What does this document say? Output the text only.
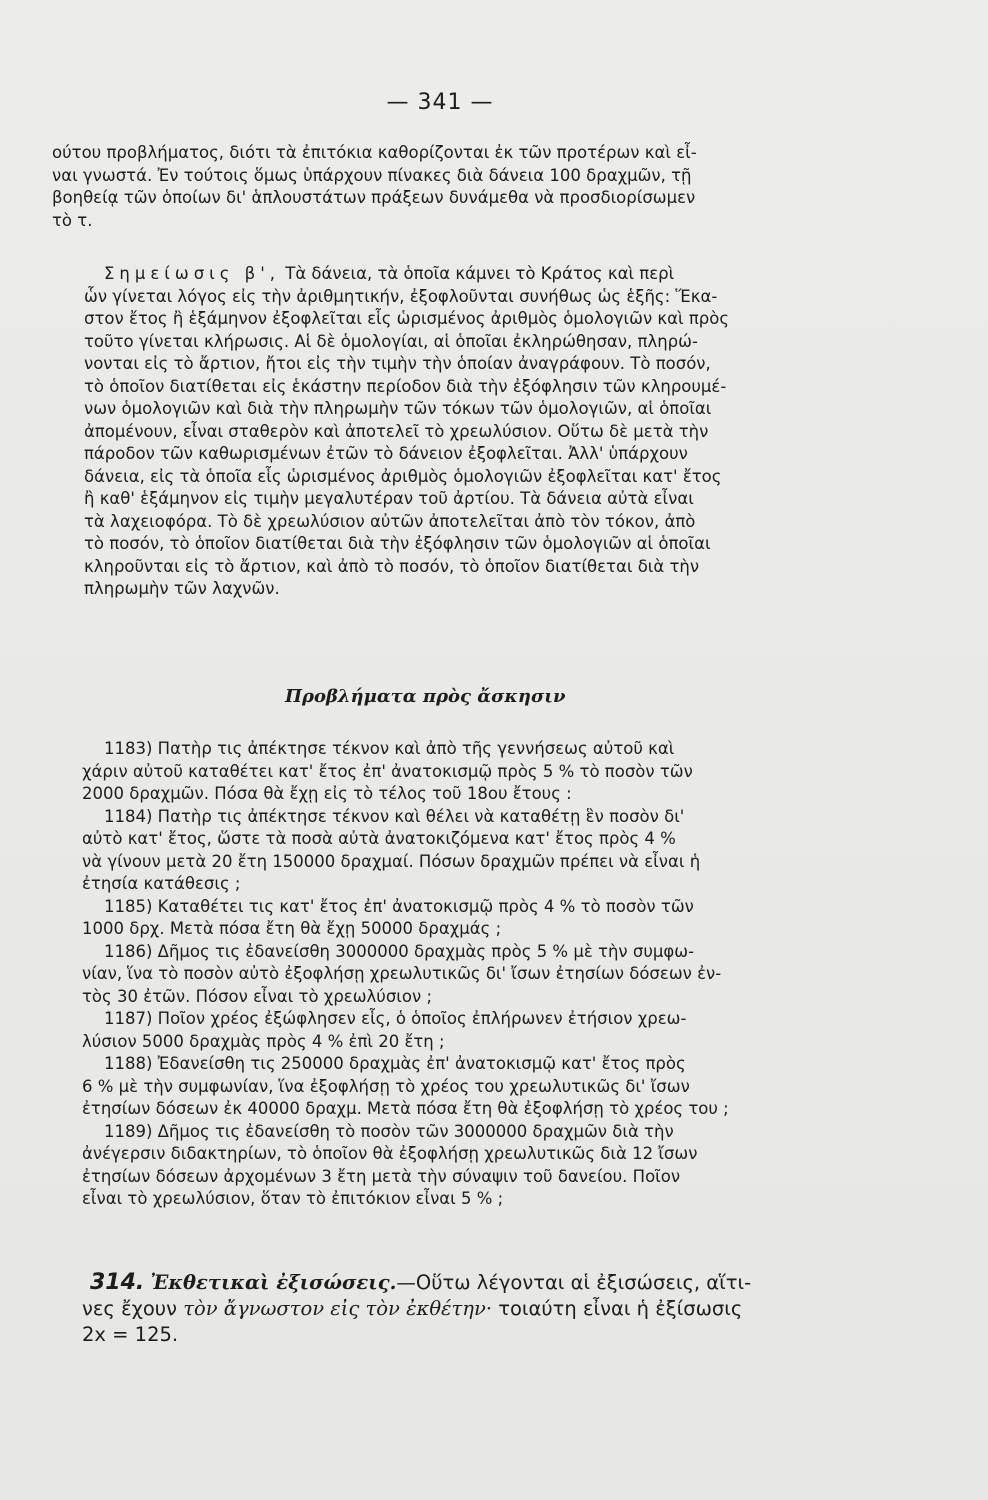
— 341 —
ούτου προβλήματος, διότι τὰ ἐπιτόκια καθορίζονται ἐκ τῶν προτέρων καὶ εἶ-
ναι γνωστά. Ἐν τούτοις ὅμως ὑπάρχουν πίνακες διὰ δάνεια 100 δραχμῶν, τῇ
βοηθείᾳ τῶν ὁποίων δι' ἁπλουστάτων πράξεων δυνάμεθα νὰ προσδιορίσωμεν
τὸ τ.
Σημείωσις β', Τὰ δάνεια, τὰ ὁποῖα κάμνει τὸ Κράτος καὶ περὶ
ὧν γίνεται λόγος εἰς τὴν ἀριθμητικήν, ἐξοφλοῦνται συνήθως ὡς ἑξῆς: Ἕκα-
στον ἔτος ἢ ἑξάμηνον ἐξοφλεῖται εἷς ὡρισμένος ἀριθμὸς ὁμολογιῶν καὶ πρὸς
τοῦτο γίνεται κλήρωσις. Αἱ δὲ ὁμολογίαι, αἱ ὁποῖαι ἐκληρώθησαν, πληρώ-
νονται εἰς τὸ ἄρτιον, ἤτοι εἰς τὴν τιμὴν τὴν ὁποίαν ἀναγράφουν. Τὸ ποσόν,
τὸ ὁποῖον διατίθεται εἰς ἑκάστην περίοδον διὰ τὴν ἐξόφλησιν τῶν κληρουμέ-
νων ὁμολογιῶν καὶ διὰ τὴν πληρωμὴν τῶν τόκων τῶν ὁμολογιῶν, αἱ ὁποῖαι
ἀπομένουν, εἶναι σταθερὸν καὶ ἀποτελεῖ τὸ χρεωλύσιον. Οὕτω δὲ μετὰ τὴν
πάροδον τῶν καθωρισμένων ἐτῶν τὸ δάνειον ἐξοφλεῖται. Ἀλλ' ὑπάρχουν
δάνεια, εἰς τὰ ὁποῖα εἷς ὡρισμένος ἀριθμὸς ὁμολογιῶν ἐξοφλεῖται κατ' ἔτος
ἢ καθ' ἑξάμηνον εἰς τιμὴν μεγαλυτέραν τοῦ ἀρτίου. Τὰ δάνεια αὐτὰ εἶναι
τὰ λαχειοφόρα. Τὸ δὲ χρεωλύσιον αὐτῶν ἀποτελεῖται ἀπὸ τὸν τόκον, ἀπὸ
τὸ ποσόν, τὸ ὁποῖον διατίθεται διὰ τὴν ἐξόφλησιν τῶν ὁμολογιῶν αἱ ὁποῖαι
κληροῦνται εἰς τὸ ἄρτιον, καὶ ἀπὸ τὸ ποσόν, τὸ ὁποῖον διατίθεται διὰ τὴν
πληρωμὴν τῶν λαχνῶν.
Προβλήματα πρὸς ἄσκησιν
1183) Πατὴρ τις ἀπέκτησε τέκνον καὶ ἀπὸ τῆς γεννήσεως αὐτοῦ καὶ
χάριν αὐτοῦ καταθέτει κατ' ἔτος ἐπ' ἀνατοκισμῷ πρὸς 5 % τὸ ποσὸν τῶν
2000 δραχμῶν. Πόσα θὰ ἔχῃ εἰς τὸ τέλος τοῦ 18ου ἔτους :
1184) Πατὴρ τις ἀπέκτησε τέκνον καὶ θέλει νὰ καταθέτῃ ἓν ποσὸν δι'
αὐτὸ κατ' ἔτος, ὥστε τὰ ποσὰ αὐτὰ ἀνατοκιζόμενα κατ' ἔτος πρὸς 4 %
νὰ γίνουν μετὰ 20 ἔτη 150000 δραχμαί. Πόσων δραχμῶν πρέπει νὰ εἶναι ἡ
ἐτησία κατάθεσις ;
1185) Καταθέτει τις κατ' ἔτος ἐπ' ἀνατοκισμῷ πρὸς 4 % τὸ ποσὸν τῶν
1000 δρχ. Μετὰ πόσα ἔτη θὰ ἔχῃ 50000 δραχμάς ;
1186) Δῆμος τις ἐδανείσθη 3000000 δραχμὰς πρὸς 5 % μὲ τὴν συμφω-
νίαν, ἵνα τὸ ποσὸν αὐτὸ ἐξοφλήσῃ χρεωλυτικῶς δι' ἴσων ἐτησίων δόσεων ἐν-
τὸς 30 ἐτῶν. Πόσον εἶναι τὸ χρεωλύσιον ;
1187) Ποῖον χρέος ἐξώφλησεν εἷς, ὁ ὁποῖος ἐπλήρωνεν ἐτήσιον χρεω-
λύσιον 5000 δραχμὰς πρὸς 4 % ἐπὶ 20 ἔτη ;
1188) Ἐδανείσθη τις 250000 δραχμὰς ἐπ' ἀνατοκισμῷ κατ' ἔτος πρὸς
6 % μὲ τὴν συμφωνίαν, ἵνα ἐξοφλήσῃ τὸ χρέος του χρεωλυτικῶς δι' ἴσων
ἐτησίων δόσεων ἐκ 40000 δραχμ. Μετὰ πόσα ἔτη θὰ ἐξοφλήσῃ τὸ χρέος του ;
1189) Δῆμος τις ἐδανείσθη τὸ ποσὸν τῶν 3000000 δραχμῶν διὰ τὴν
ἀνέγερσιν διδακτηρίων, τὸ ὁποῖον θὰ ἐξοφλήσῃ χρεωλυτικῶς διὰ 12 ἴσων
ἐτησίων δόσεων ἀρχομένων 3 ἔτη μετὰ τὴν σύναψιν τοῦ δανείου. Ποῖον
εἶναι τὸ χρεωλύσιον, ὅταν τὸ ἐπιτόκιον εἶναι 5 % ;
314. Ἐκθετικαὶ ἐξισώσεις.—Οὕτω λέγονται αἱ ἐξισώσεις, αἵτι-
νες ἔχουν τὸν ἄγνωστον εἰς τὸν ἐκθέτην· τοιαύτη εἶναι ἡ ἐξίσωσις
2x = 125.
